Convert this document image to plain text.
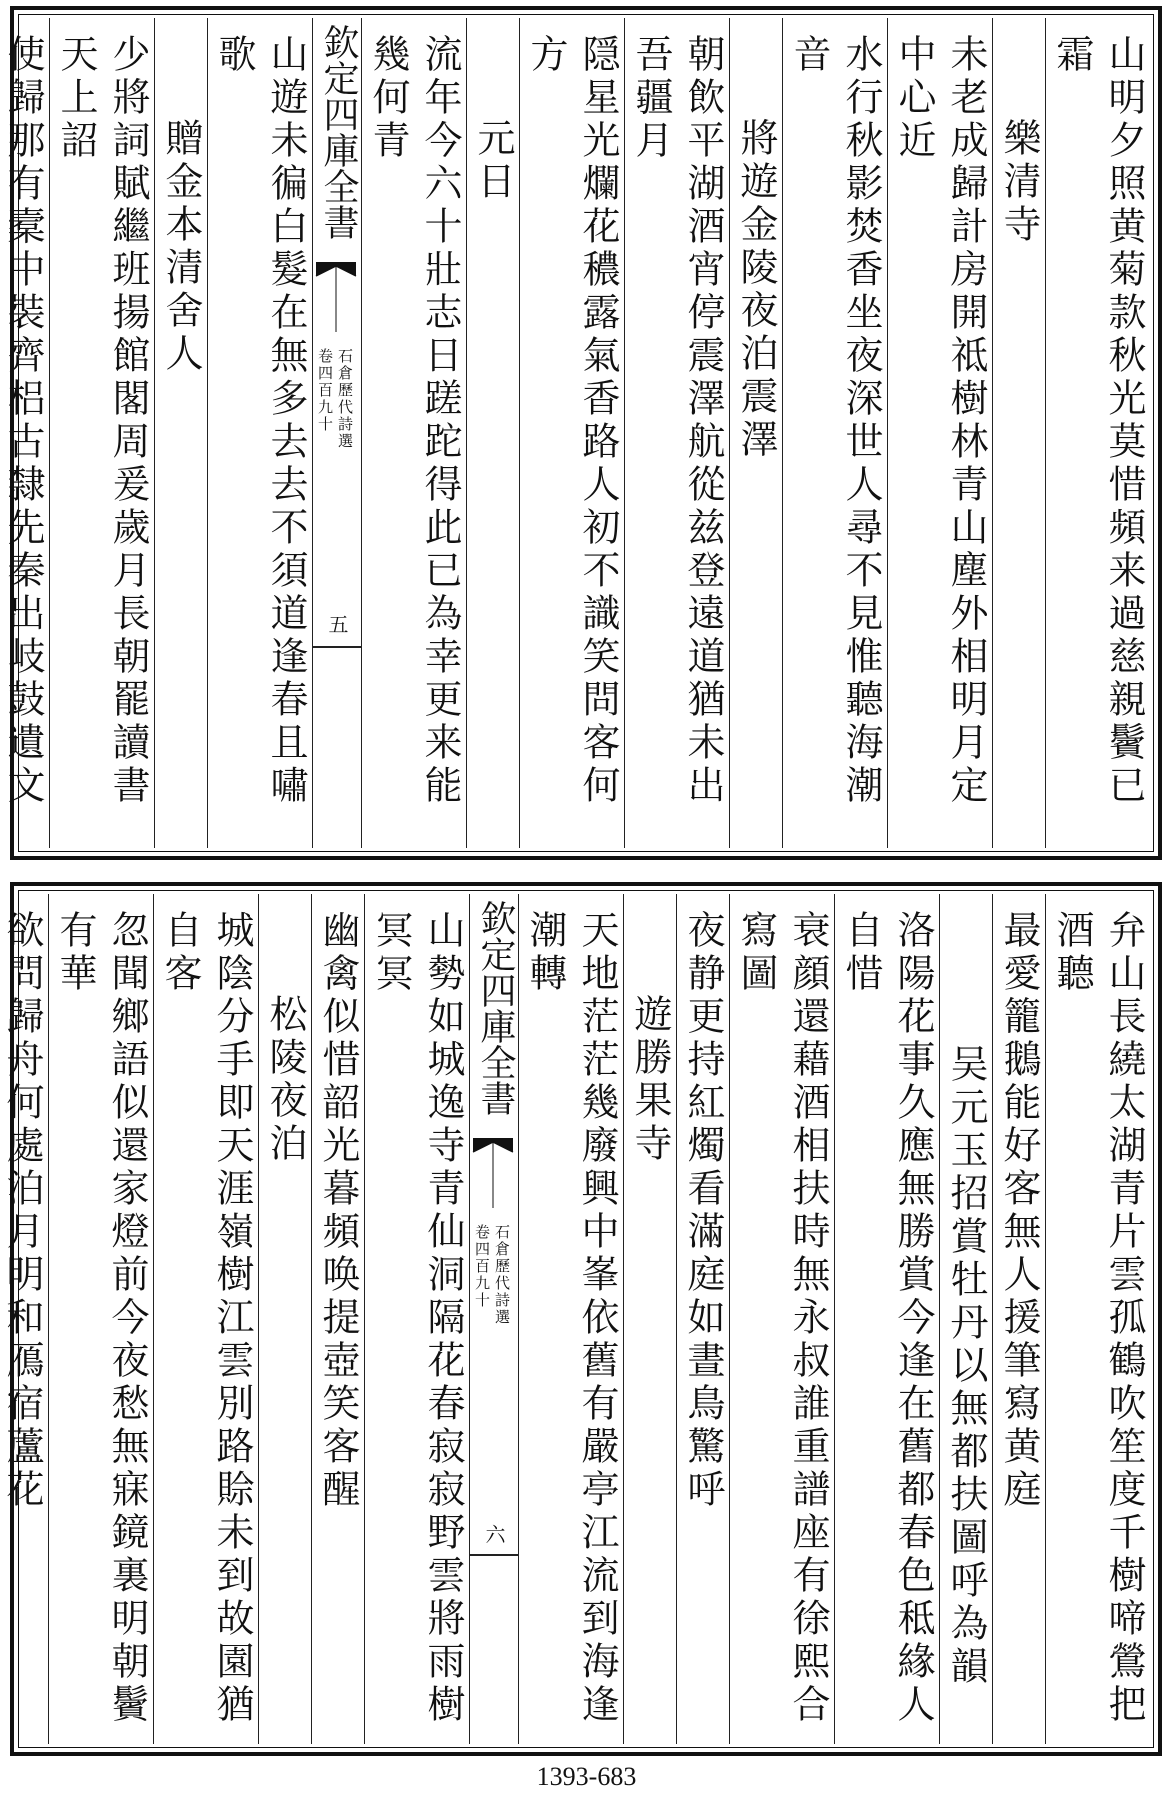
山明夕照黄菊款秋光莫惜頻来過慈親鬢已霜
樂清寺
未老成歸計房開祗樹林青山塵外相明月定中心近
水行秋影焚香坐夜深世人尋不見惟聽海潮音
將遊金陵夜泊震澤
朝飲平湖酒宵停震澤航從兹登遠道猶未出吾疆月
隠星光爛花穠露氣香路人初不識笑問客何方
元日
流年今六十壯志日蹉跎得此已為幸更来能幾何青
欽定四庫全書
石倉歷代詩選
卷四百九十
五
山遊未徧白髮在無多去去不須道逢春且嘯歌
贈金本清舍人
少將詞賦繼班揚館閣周爰歲月長朝罷讀書天上詔
使歸那有槖中裝齊梠古隸先秦出岐鼓遺文
弁山長繞太湖青片雲孤鶴吹笙度千樹啼鶯把酒聽
最愛籠鵝能好客無人援筆寫黄庭
吴元玉招賞牡丹以無都扶圖呼為韻
洛陽花事久應無勝賞今逢在舊都春色秪緣人自惜
衰顔還藉酒相扶時無永叔誰重譜座有徐熙合寫圖
夜静更持紅燭看滿庭如晝鳥驚呼
遊勝果寺
天地茫茫幾廢興中峯依舊有嚴亭江流到海逢潮轉
欽定四庫全書
石倉歷代詩選
卷四百九十
六
山勢如城逸寺青仙洞隔花春寂寂野雲將雨樹冥冥
幽禽似惜韶光暮頻唤提壺笑客醒
松陵夜泊
城陰分手即天涯嶺樹江雲別路賒未到故園猶自客
忽聞鄉語似還家燈前今夜愁無寐鏡裏明朝鬢有華
欲問歸舟何處泊月明和鴈宿蘆花
1393-683
